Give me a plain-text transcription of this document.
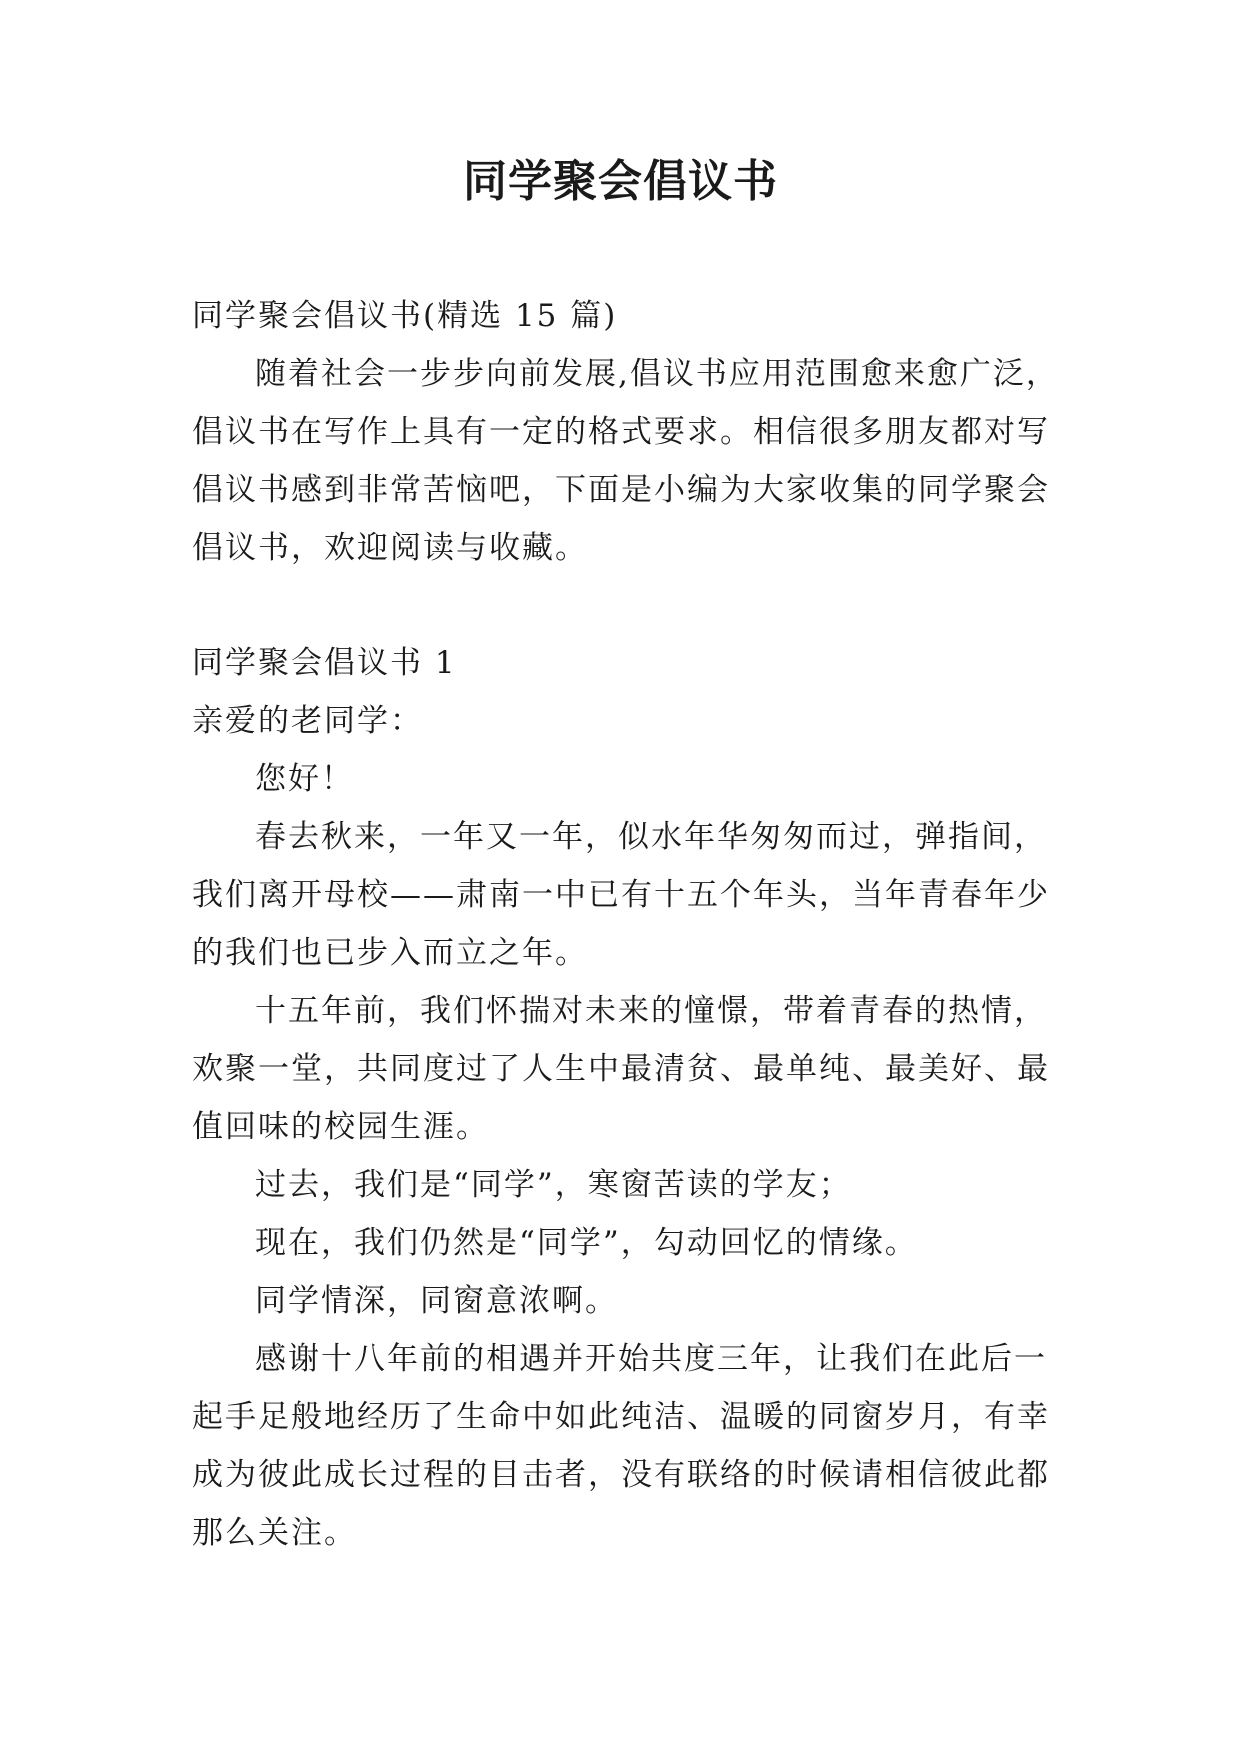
同学聚会倡议书
同学聚会倡议书(精选 15 篇)
随着社会一步步向前发展,倡议书应用范围愈来愈广泛，
倡议书在写作上具有一定的格式要求。相信很多朋友都对写
倡议书感到非常苦恼吧，下面是小编为大家收集的同学聚会
倡议书，欢迎阅读与收藏。
同学聚会倡议书 1
亲爱的老同学：
您好！
春去秋来，一年又一年，似水年华匆匆而过，弹指间，
我们离开母校——肃南一中已有十五个年头，当年青春年少
的我们也已步入而立之年。
十五年前，我们怀揣对未来的憧憬，带着青春的热情，
欢聚一堂，共同度过了人生中最清贫、最单纯、最美好、最
值回味的校园生涯。
过去，我们是“同学”，寒窗苦读的学友；
现在，我们仍然是“同学”，勾动回忆的情缘。
同学情深，同窗意浓啊。
感谢十八年前的相遇并开始共度三年，让我们在此后一
起手足般地经历了生命中如此纯洁、温暖的同窗岁月，有幸
成为彼此成长过程的目击者，没有联络的时候请相信彼此都
那么关注。
